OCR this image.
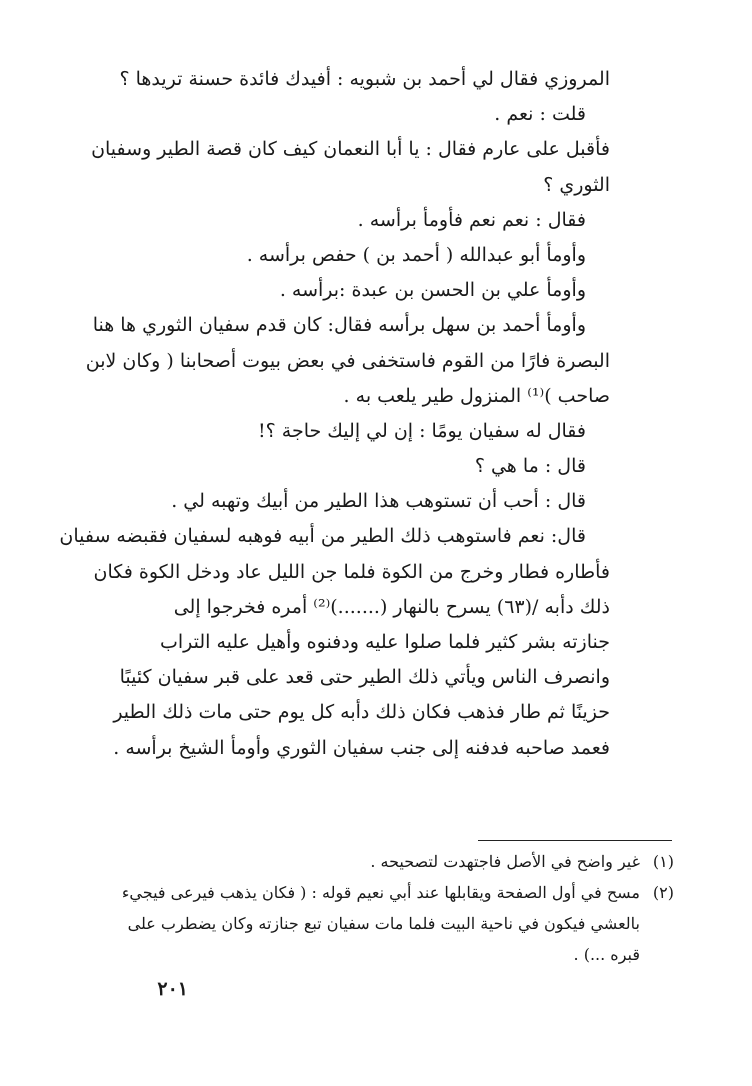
المروزي فقال لي أحمد بن شبويه : أفيدك فائدة حسنة تريدها ؟
قلت : نعم .
فأقبل على عارم فقال : يا أبا النعمان كيف كان قصة الطير وسفيان
الثوري ؟
فقال : نعم نعم فأومأ برأسه .
وأومأ أبو عبدالله ( أحمد بن ) حفص برأسه .
وأومأ علي بن الحسن بن عبدة :برأسه .
وأومأ أحمد بن سهل برأسه فقال: كان قدم سفيان الثوري ها هنا
البصرة فارًا من القوم فاستخفى في بعض بيوت أصحابنا ( وكان لابن
صاحب )⁽¹⁾ المنزول طير يلعب به .
فقال له سفيان يومًا : إن لي إليك حاجة ؟!
قال : ما هي ؟
قال : أحب أن تستوهب هذا الطير من أبيك وتهبه لي .
قال: نعم فاستوهب ذلك الطير من أبيه فوهبه لسفيان فقبضه سفيان
فأطاره فطار وخرج من الكوة فلما جن الليل عاد ودخل الكوة فكان
ذلك دأبه /(٦٣) يسرح بالنهار (.......)⁽²⁾ أمره فخرجوا إلى
جنازته بشر كثير فلما صلوا عليه ودفنوه وأهيل عليه التراب
وانصرف الناس ويأتي ذلك الطير حتى قعد على قبر سفيان كئيبًا
حزينًا ثم طار فذهب فكان ذلك دأبه كل يوم حتى مات ذلك الطير
فعمد صاحبه فدفنه إلى جنب سفيان الثوري وأومأ الشيخ برأسه .
(١)غير واضح في الأصل فاجتهدت لتصحيحه .
(٢)مسح في أول الصفحة ويقابلها عند أبي نعيم قوله : ( فكان يذهب فيرعى فيجيء
بالعشي فيكون في ناحية البيت فلما مات سفيان تبع جنازته وكان يضطرب على
قبره ...) .
٢٠١
